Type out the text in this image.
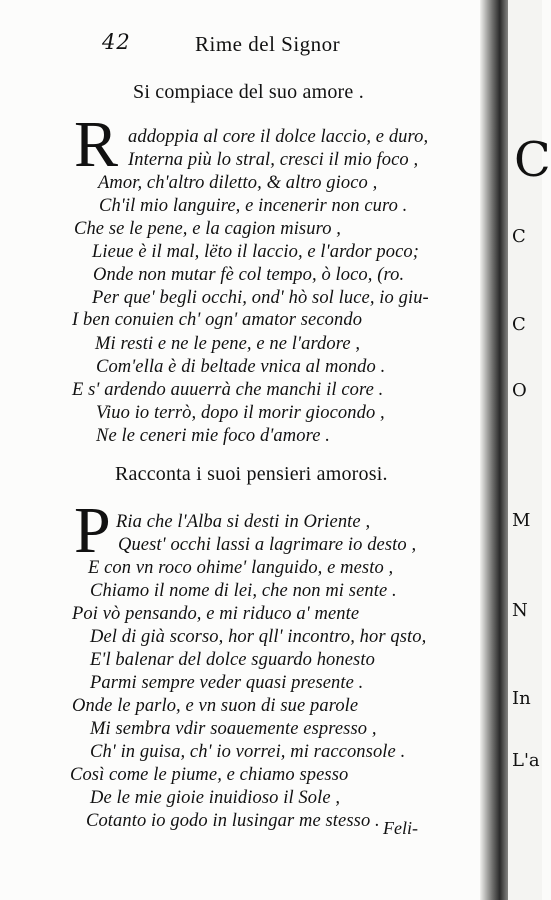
42	Rime del Signor
Si compiace del suo amore .
R addoppia al core il dolce laccio, e duro,
Interna più lo stral, cresci il mio foco ,
Amor, ch'altro diletto, & altro gioco ,
Ch'il mio languire, e incenerir non curo .
Che se le pene, e la cagion misuro ,
Lieue è il mal, lëto il laccio, e l'ardor poco;
Onde non mutar fè col tempo, ò loco, (ro.
Per que' begli occhi, ond' hò sol luce, io giu-
I ben conuien ch' ogn' amator secondo
Mi resti e ne le pene, e ne l'ardore ,
Com'ella è di beltade vnica al mondo .
E s' ardendo auuerrà che manchi il core .
Viuo io terrò, dopo il morir giocondo ,
Ne le ceneri mie foco d'amore .
Racconta i suoi pensieri amorosi.
P Ria che l'Alba si desti in Oriente ,
Quest' occhi lassi a lagrimare io desto ,
E con vn roco ohime' languido, e mesto ,
Chiamo il nome di lei, che non mi sente .
Poi vò pensando, e mi riduco a' mente
Del di già scorso, hor qll' incontro, hor qsto,
E'l balenar del dolce sguardo honesto
Parmi sempre veder quasi presente .
Onde le parlo, e vn suon di sue parole
Mi sembra vdir soauemente espresso ,
Ch' in guisa, ch' io vorrei, mi racconsole .
Così come le piume, e chiamo spesso
De le mie gioie inuidioso il Sole ,
Cotanto io godo in lusingar me stesso . Feli-
C
C
C
O
M
N
In
L'a
